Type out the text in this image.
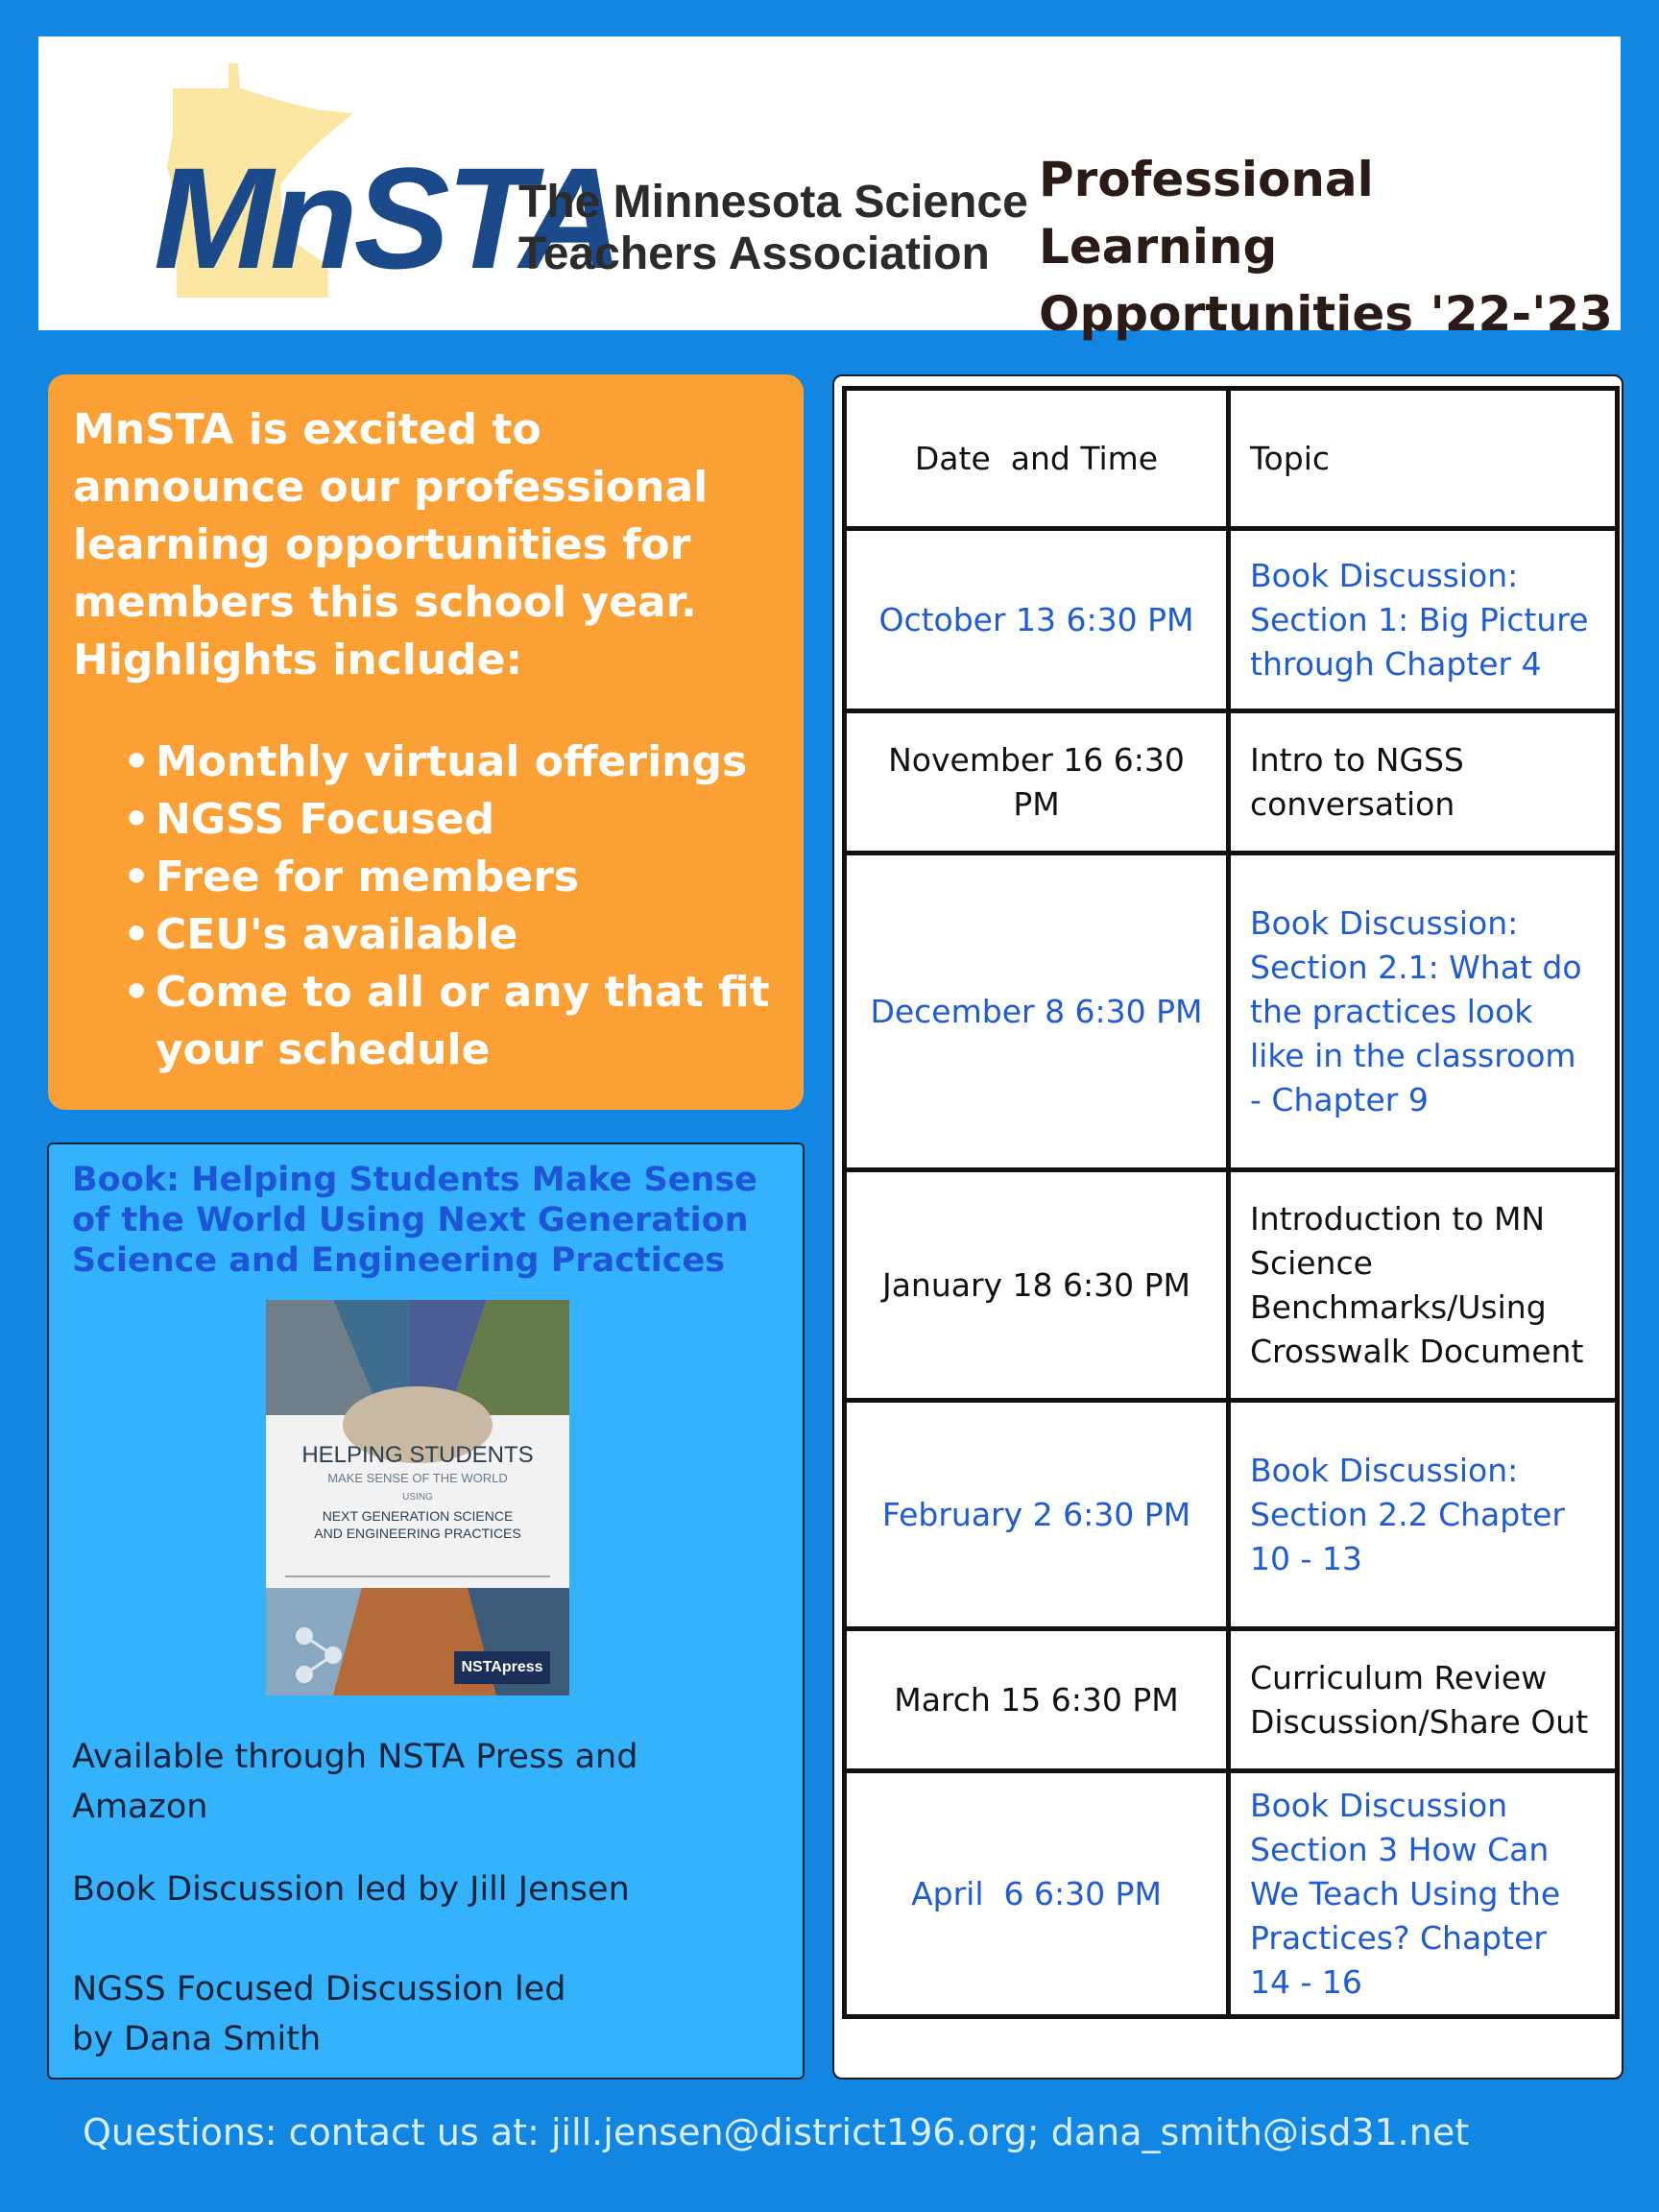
MnSTA
The Minnesota Science
Teachers Association
Professional Learning
Opportunities '22-'23

MnSTA is excited to announce our professional learning opportunities for members this school year. Highlights include:

• Monthly virtual offerings
• NGSS Focused
• Free for members
• CEU's available
• Come to all or any that fit your schedule
Book: Helping Students Make Sense of the World Using Next Generation Science and Engineering Practices
HELPING STUDENTS
MAKE SENSE OF THE WORLD
USING
NEXT GENERATION SCIENCE
AND ENGINEERING PRACTICES
NSTApress

Available through NSTA Press and Amazon

Book Discussion led by Jill Jensen

NGSS Focused Discussion led by Dana Smith

Date  and Time	Topic
October 13 6:30 PM	Book Discussion: Section 1: Big Picture through Chapter 4
November 16 6:30 PM	Intro to NGSS conversation
December 8 6:30 PM	Book Discussion: Section 2.1: What do the practices look like in the classroom - Chapter 9
January 18 6:30 PM	Introduction to MN Science Benchmarks/Using Crosswalk Document
February 2 6:30 PM	Book Discussion: Section 2.2 Chapter 10 - 13
March 15 6:30 PM	Curriculum Review Discussion/Share Out
April  6 6:30 PM	Book Discussion Section 3 How Can We Teach Using the Practices? Chapter 14 - 16
Questions: contact us at: jill.jensen@district196.org; dana_smith@isd31.net
